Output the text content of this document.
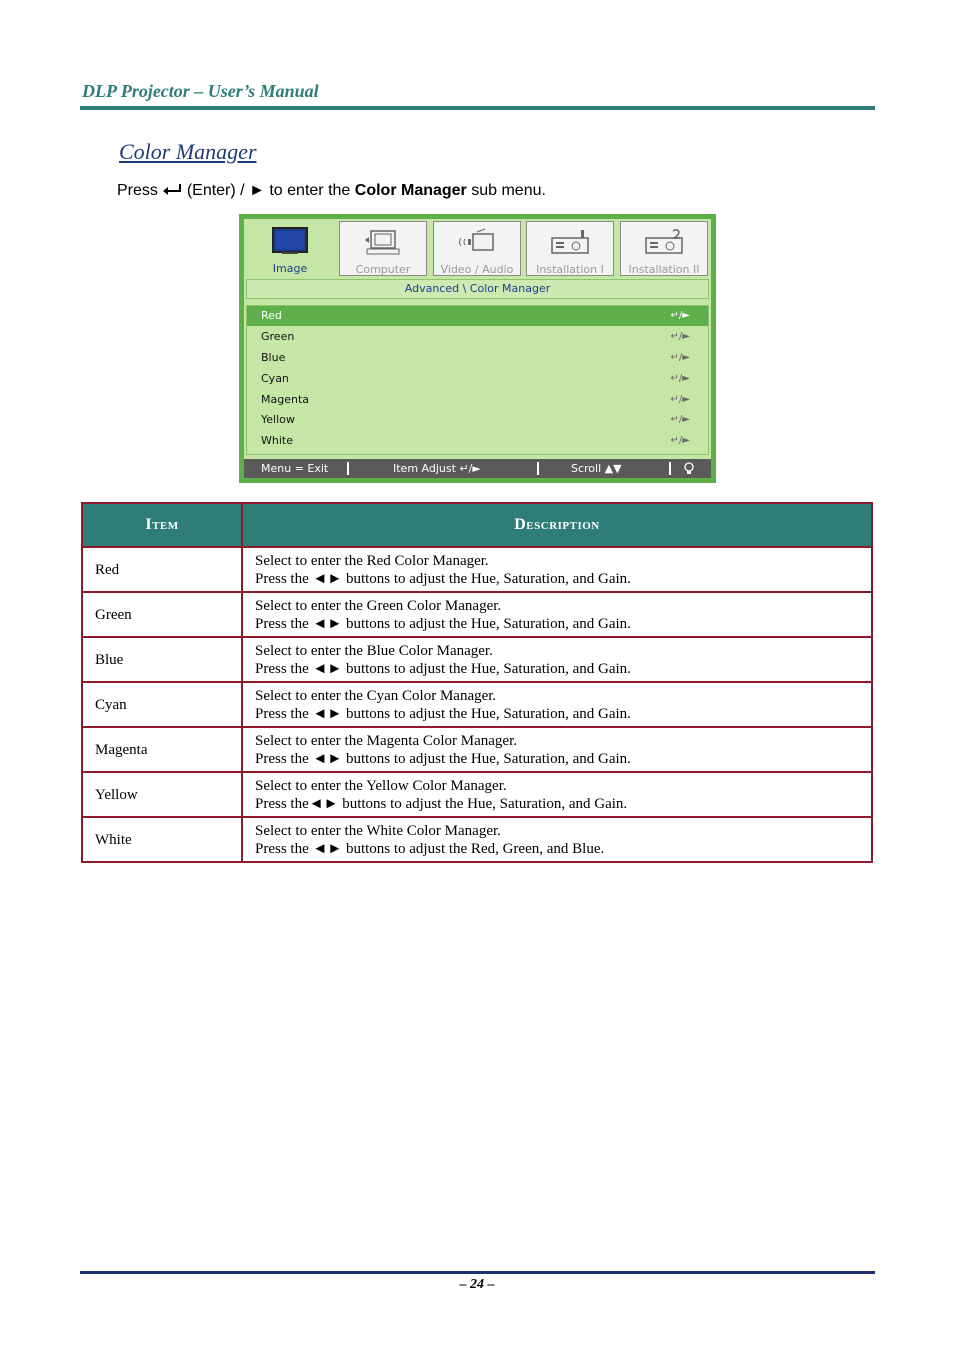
DLP Projector – User’s Manual
Color Manager
Press (Enter) / ► to enter the Color Manager sub menu.
Image	Computer	Video / Audio	Installation I	Installation II
Advanced \ Color Manager
Red	↵/►
Green	↵/►
Blue	↵/►
Cyan	↵/►
Magenta	↵/►
Yellow	↵/►
White	↵/►
Menu = Exit	Item Adjust ↵/►	Scroll ▲▼
Item	Description
Red	Select to enter the Red Color Manager.
Press the ◄► buttons to adjust the Hue, Saturation, and Gain.

Green	Select to enter the Green Color Manager.
Press the ◄► buttons to adjust the Hue, Saturation, and Gain.

Blue	Select to enter the Blue Color Manager.
Press the ◄► buttons to adjust the Hue, Saturation, and Gain.

Cyan	Select to enter the Cyan Color Manager.
Press the ◄► buttons to adjust the Hue, Saturation, and Gain.

Magenta	Select to enter the Magenta Color Manager.
Press the ◄► buttons to adjust the Hue, Saturation, and Gain.

Yellow	Select to enter the Yellow Color Manager.
Press the◄► buttons to adjust the Hue, Saturation, and Gain.

White	Select to enter the White Color Manager.
Press the ◄► buttons to adjust the Red, Green, and Blue.
– 24 –
